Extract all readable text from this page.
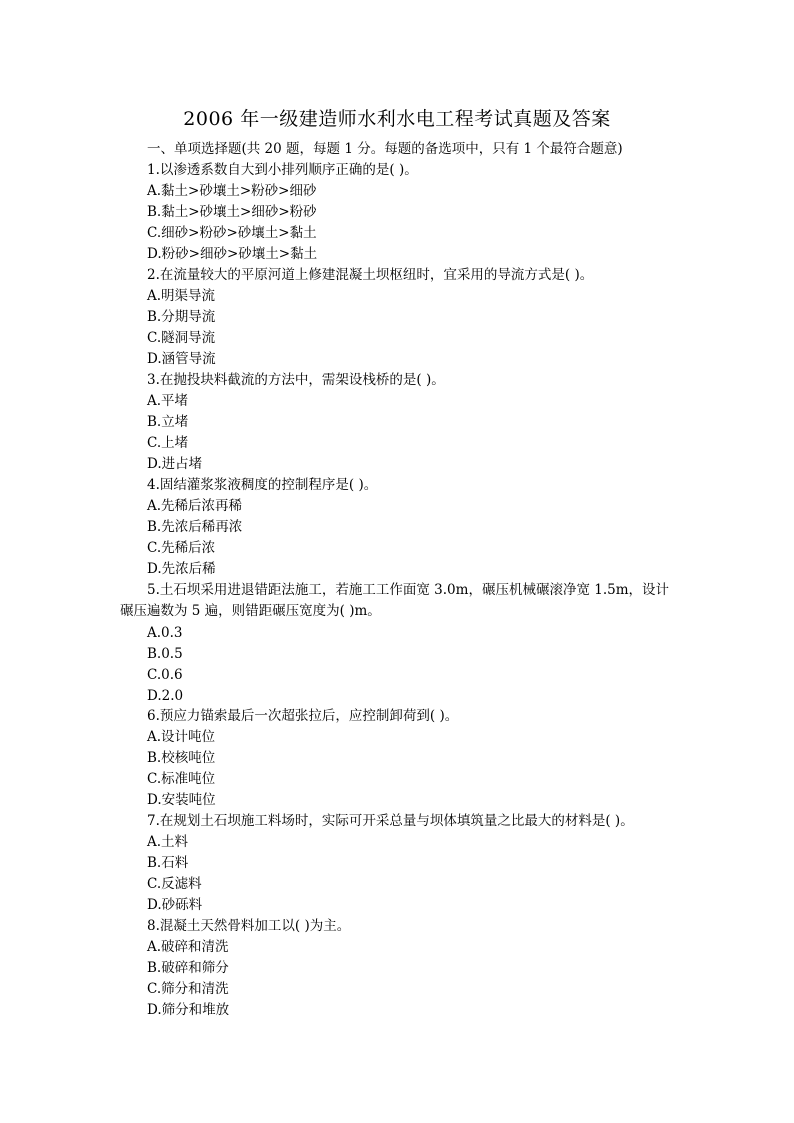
2006 年一级建造师水利水电工程考试真题及答案
一、单项选择题(共 20 题，每题 1 分。每题的备选项中，只有 1 个最符合题意)
1.以渗透系数自大到小排列顺序正确的是( )。
A.黏土>砂壤土>粉砂>细砂
B.黏土>砂壤土>细砂>粉砂
C.细砂>粉砂>砂壤土>黏土
D.粉砂>细砂>砂壤土>黏土
2.在流量较大的平原河道上修建混凝土坝枢纽时，宜采用的导流方式是( )。
A.明渠导流
B.分期导流
C.隧洞导流
D.涵管导流
3.在抛投块料截流的方法中，需架设栈桥的是( )。
A.平堵
B.立堵
C.上堵
D.进占堵
4.固结灌浆浆液稠度的控制程序是( )。
A.先稀后浓再稀
B.先浓后稀再浓
C.先稀后浓
D.先浓后稀
5.土石坝采用进退错距法施工，若施工工作面宽 3.0m，碾压机械碾滚净宽 1.5m，设计
碾压遍数为 5 遍，则错距碾压宽度为( )m。
A.0.3
B.0.5
C.0.6
D.2.0
6.预应力锚索最后一次超张拉后，应控制卸荷到( )。
A.设计吨位
B.校核吨位
C.标准吨位
D.安装吨位
7.在规划土石坝施工料场时，实际可开采总量与坝体填筑量之比最大的材料是( )。
A.土料
B.石料
C.反滤料
D.砂砾料
8.混凝土天然骨料加工以( )为主。
A.破碎和清洗
B.破碎和筛分
C.筛分和清洗
D.筛分和堆放
